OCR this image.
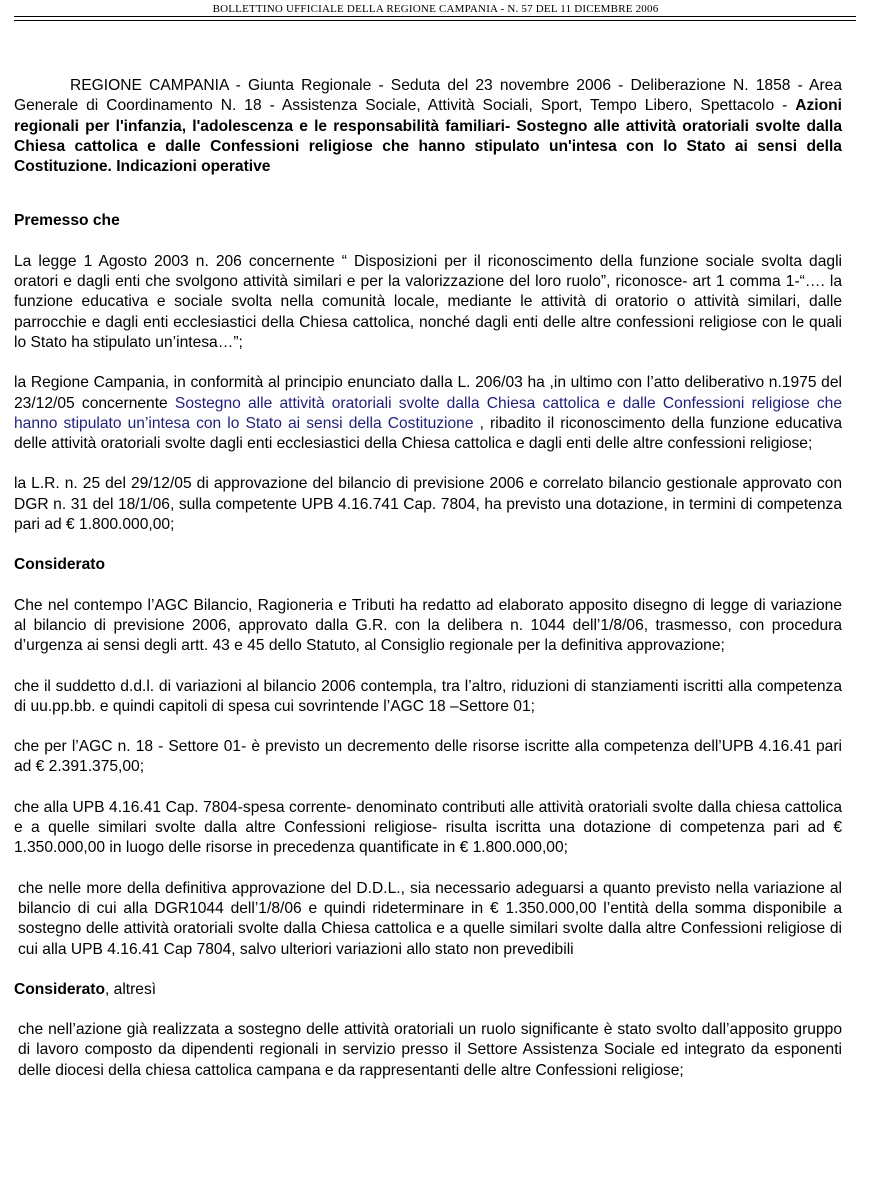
BOLLETTINO UFFICIALE DELLA REGIONE CAMPANIA - N. 57 DEL 11 DICEMBRE 2006

REGIONE CAMPANIA - Giunta Regionale - Seduta del 23 novembre 2006 - Deliberazione N. 1858 - Area Generale di Coordinamento N. 18 - Assistenza Sociale, Attività Sociali, Sport, Tempo Libero, Spettacolo - Azioni regionali per l'infanzia, l'adolescenza e le responsabilità familiari- Sostegno alle attività oratoriali svolte dalla Chiesa cattolica e dalle Confessioni religiose che hanno stipulato un'intesa con lo Stato ai sensi della Costituzione. Indicazioni operative

Premesso che

La legge 1 Agosto 2003 n. 206 concernente “ Disposizioni per il riconoscimento della funzione sociale svolta dagli oratori e dagli enti che svolgono attività similari e per la valorizzazione del loro ruolo”, riconosce- art 1 comma 1-“…. la funzione educativa e sociale svolta nella comunità locale, mediante le attività di oratorio o attività similari, dalle parrocchie e dagli enti ecclesiastici della Chiesa cattolica, nonché dagli enti delle altre confessioni religiose con le quali lo Stato ha stipulato un’intesa…”;

la Regione Campania, in conformità al principio enunciato dalla L. 206/03 ha ,in ultimo con l’atto deliberativo n.1975 del 23/12/05 concernente Sostegno alle attività oratoriali svolte dalla Chiesa cattolica e dalle Confessioni religiose che hanno stipulato un’intesa con lo Stato ai sensi della Costituzione , ribadito il riconoscimento della funzione educativa delle attività oratoriali svolte dagli enti ecclesiastici della Chiesa cattolica e dagli enti delle altre confessioni religiose;

la L.R. n. 25 del 29/12/05 di approvazione del bilancio di previsione 2006 e correlato bilancio gestionale approvato con DGR n. 31 del 18/1/06, sulla competente UPB 4.16.741 Cap. 7804, ha previsto una dotazione, in termini di competenza pari ad € 1.800.000,00;

Considerato

Che nel contempo l’AGC Bilancio, Ragioneria e Tributi ha redatto ad elaborato apposito disegno di legge di variazione al bilancio di previsione 2006, approvato dalla G.R. con la delibera n. 1044 dell’1/8/06, trasmesso, con procedura d’urgenza ai sensi degli artt. 43 e 45 dello Statuto, al Consiglio regionale per la definitiva approvazione;

che il suddetto d.d.l. di variazioni al bilancio 2006 contempla, tra l’altro, riduzioni di stanziamenti iscritti alla competenza di uu.pp.bb. e quindi capitoli di spesa cui sovrintende l’AGC 18 –Settore 01;

che per l’AGC n. 18 - Settore 01- è previsto un decremento delle risorse iscritte alla competenza dell’UPB 4.16.41 pari ad € 2.391.375,00;

che alla UPB 4.16.41 Cap. 7804-spesa corrente- denominato contributi alle attività oratoriali svolte dalla chiesa cattolica e a quelle similari svolte dalla altre Confessioni religiose- risulta iscritta una dotazione di competenza pari ad € 1.350.000,00 in luogo delle risorse in precedenza quantificate in € 1.800.000,00;

che nelle more della definitiva approvazione del D.D.L., sia necessario adeguarsi a quanto previsto nella variazione al bilancio di cui alla DGR1044 dell’1/8/06 e quindi rideterminare in € 1.350.000,00 l’entità della somma disponibile a sostegno delle attività oratoriali svolte dalla Chiesa cattolica e a quelle similari svolte dalla altre Confessioni religiose di cui alla UPB 4.16.41 Cap 7804, salvo ulteriori variazioni allo stato non prevedibili

Considerato, altresì

che nell’azione già realizzata a sostegno delle attività oratoriali un ruolo significante è stato svolto dall’apposito gruppo di lavoro composto da dipendenti regionali in servizio presso il Settore Assistenza Sociale ed integrato da esponenti delle diocesi della chiesa cattolica campana e da rappresentanti delle altre Confessioni religiose;
